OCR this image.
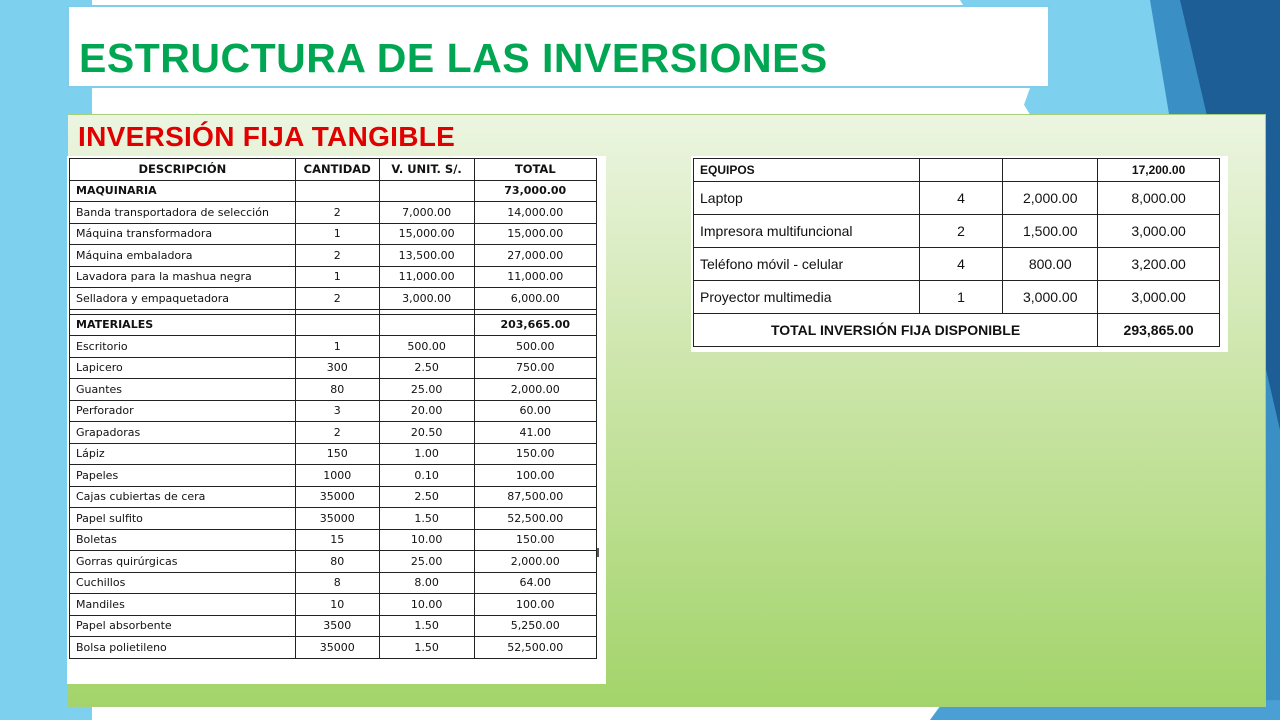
ESTRUCTURA DE LAS INVERSIONES
INVERSIÓN FIJA TANGIBLE
DESCRIPCIÓN	CANTIDAD	V. UNIT. S/.	TOTAL
MAQUINARIA			73,000.00
Banda transportadora de selección	2	7,000.00	14,000.00
Máquina transformadora	1	15,000.00	15,000.00
Máquina embaladora	2	13,500.00	27,000.00
Lavadora para la mashua negra	1	11,000.00	11,000.00
Selladora y empaquetadora	2	3,000.00	6,000.00

MATERIALES			203,665.00
Escritorio	1	500.00	500.00
Lapicero	300	2.50	750.00
Guantes	80	25.00	2,000.00
Perforador	3	20.00	60.00
Grapadoras	2	20.50	41.00
Lápiz	150	1.00	150.00
Papeles	1000	0.10	100.00
Cajas cubiertas de cera	35000	2.50	87,500.00
Papel sulfito	35000	1.50	52,500.00
Boletas	15	10.00	150.00
Gorras quirúrgicas	80	25.00	2,000.00
Cuchillos	8	8.00	64.00
Mandiles	10	10.00	100.00
Papel absorbente	3500	1.50	5,250.00
Bolsa polietileno	35000	1.50	52,500.00
EQUIPOS			17,200.00
Laptop	4	2,000.00	8,000.00
Impresora multifuncional	2	1,500.00	3,000.00
Teléfono móvil - celular	4	800.00	3,200.00
Proyector multimedia	1	3,000.00	3,000.00
TOTAL INVERSIÓN FIJA DISPONIBLE			293,865.00
